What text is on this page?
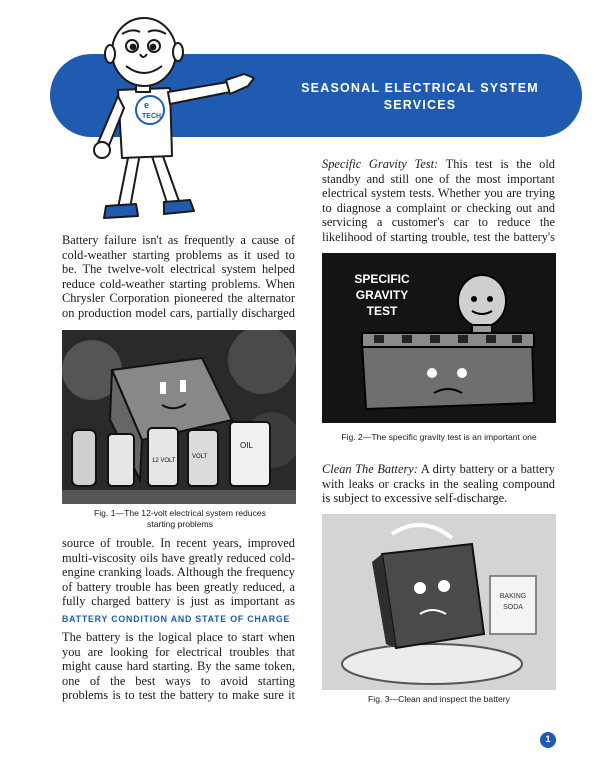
SEASONAL ELECTRICAL SYSTEM
SERVICES
e
TECH

Battery failure isn't as frequently a cause of cold-weather starting problems as it used to be. The twelve-volt electrical system helped reduce cold-weather starting problems. When Chrysler Corporation pioneered the alternator on production model cars, partially discharged

12 VOLT
VOLT
OIL
Fig. 1—The 12-volt electrical system reduces starting problems

source of trouble. In recent years, improved multi-viscosity oils have greatly reduced cold-engine cranking loads. Although the frequency of battery trouble has been greatly reduced, a fully charged battery is just as important as

BATTERY CONDITION AND STATE OF CHARGE

The battery is the logical place to start when you are looking for electrical troubles that might cause hard starting. By the same token, one of the best ways to avoid starting problems is to test the battery to make sure it

Specific Gravity Test: This test is the old standby and still one of the most important electrical system tests. Whether you are trying to diagnose a complaint or checking out and servicing a customer's car to reduce the likelihood of starting trouble, test the battery's

SPECIFIC
GRAVITY
TEST
Fig. 2—The specific gravity test is an important one

Clean The Battery: A dirty battery or a battery with leaks or cracks in the sealing compound is subject to excessive self-discharge.

BAKING
SODA
Fig. 3—Clean and inspect the battery
1
